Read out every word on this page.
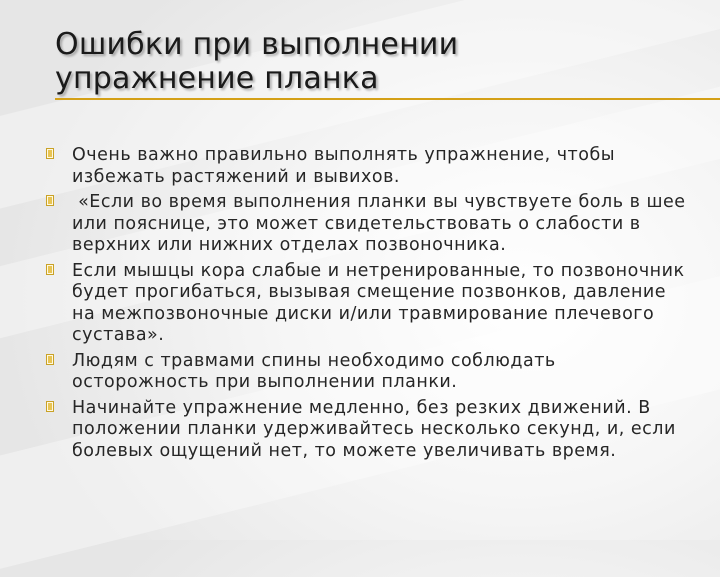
Ошибки при выполнении
упражнение планка
Очень важно правильно выполнять упражнение, чтобы избежать растяжений и вывихов.
«Если во время выполнения планки вы чувствуете боль в шее или пояснице, это может свидетельствовать о слабости в верхних или нижних отделах позвоночника.
Если мышцы кора слабые и нетренированные, то позвоночник будет прогибаться, вызывая смещение позвонков, давление на межпозвоночные диски и/или травмирование плечевого сустава».
Людям с травмами спины необходимо соблюдать осторожность при выполнении планки.
Начинайте упражнение медленно, без резких движений. В положении планки удерживайтесь несколько секунд, и, если болевых ощущений нет, то можете увеличивать время.
